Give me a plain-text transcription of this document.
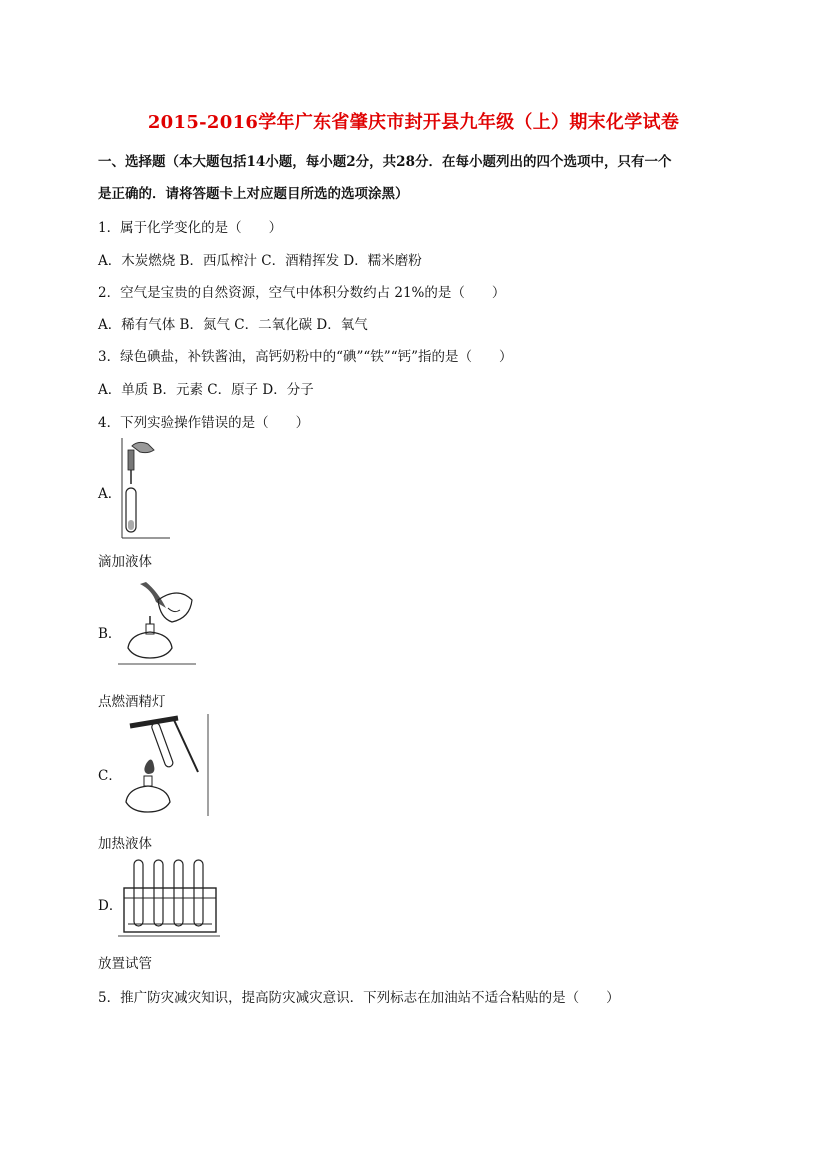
2015-2016学年广东省肇庆市封开县九年级（上）期末化学试卷
一、选择题（本大题包括14小题，每小题2分，共28分．在每小题列出的四个选项中，只有一个
是正确的．请将答题卡上对应题目所选的选项涂黑）
1．属于化学变化的是（　　）
A．木炭燃烧 B．西瓜榨汁 C．酒精挥发 D．糯米磨粉
2．空气是宝贵的自然资源，空气中体积分数约占 21%的是（　　）
A．稀有气体 B．氮气 C．二氧化碳 D．氧气
3．绿色碘盐，补铁酱油，高钙奶粉中的“碘”“铁”“钙”指的是（　　）
A．单质 B．元素 C．原子 D．分子
4．下列实验操作错误的是（　　）
A．
滴加液体
B．
点燃酒精灯
C．
加热液体
D．
放置试管
5．推广防灾减灾知识，提高防灾减灾意识．下列标志在加油站不适合粘贴的是（　　）
